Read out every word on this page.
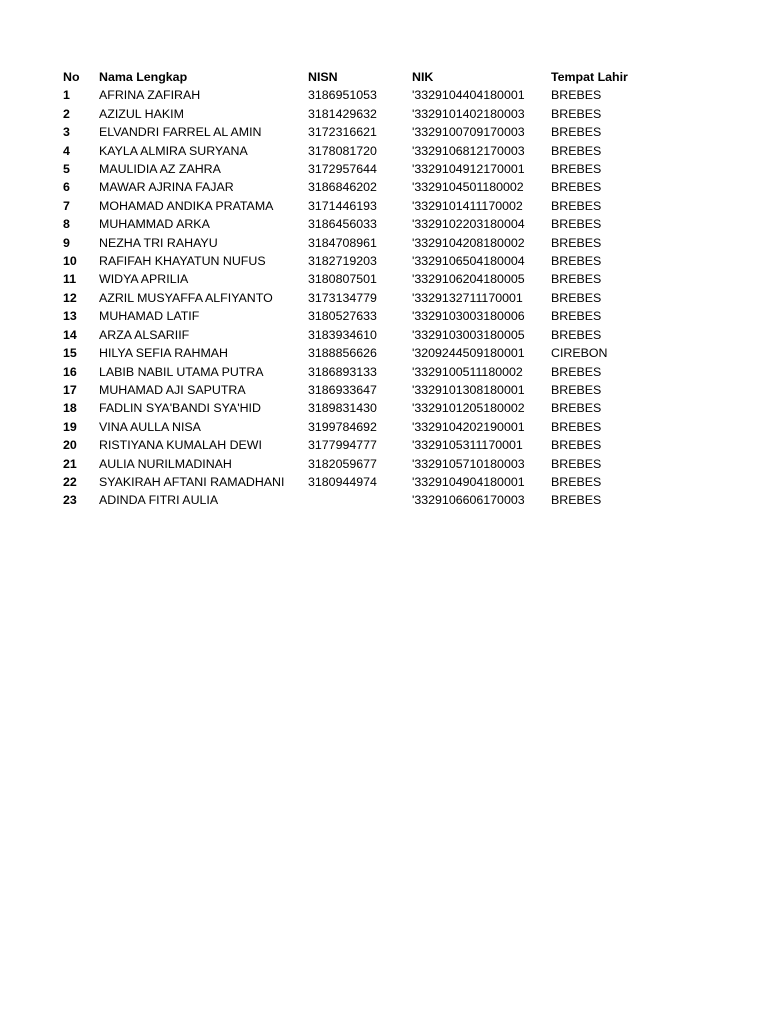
No	Nama Lengkap	NISN	NIK	Tempat Lahir
1	AFRINA ZAFIRAH	3186951053	'3329104404180001	BREBES
2	AZIZUL HAKIM	3181429632	'3329101402180003	BREBES
3	ELVANDRI FARREL AL AMIN	3172316621	'3329100709170003	BREBES
4	KAYLA ALMIRA SURYANA	3178081720	'3329106812170003	BREBES
5	MAULIDIA AZ ZAHRA	3172957644	'3329104912170001	BREBES
6	MAWAR AJRINA FAJAR	3186846202	'3329104501180002	BREBES
7	MOHAMAD ANDIKA PRATAMA	3171446193	'3329101411170002	BREBES
8	MUHAMMAD ARKA	3186456033	'3329102203180004	BREBES
9	NEZHA TRI RAHAYU	3184708961	'3329104208180002	BREBES
10	RAFIFAH KHAYATUN NUFUS	3182719203	'3329106504180004	BREBES
11	WIDYA APRILIA	3180807501	'3329106204180005	BREBES
12	AZRIL MUSYAFFA ALFIYANTO	3173134779	'3329132711170001	BREBES
13	MUHAMAD LATIF	3180527633	'3329103003180006	BREBES
14	ARZA ALSARIIF	3183934610	'3329103003180005	BREBES
15	HILYA SEFIA RAHMAH	3188856626	'3209244509180001	CIREBON
16	LABIB NABIL UTAMA PUTRA	3186893133	'3329100511180002	BREBES
17	MUHAMAD AJI SAPUTRA	3186933647	'3329101308180001	BREBES
18	FADLIN SYA'BANDI SYA'HID	3189831430	'3329101205180002	BREBES
19	VINA AULLA NISA	3199784692	'3329104202190001	BREBES
20	RISTIYANA KUMALAH DEWI	3177994777	'3329105311170001	BREBES
21	AULIA NURILMADINAH	3182059677	'3329105710180003	BREBES
22	SYAKIRAH AFTANI RAMADHANI	3180944974	'3329104904180001	BREBES
23	ADINDA FITRI AULIA		'3329106606170003	BREBES
